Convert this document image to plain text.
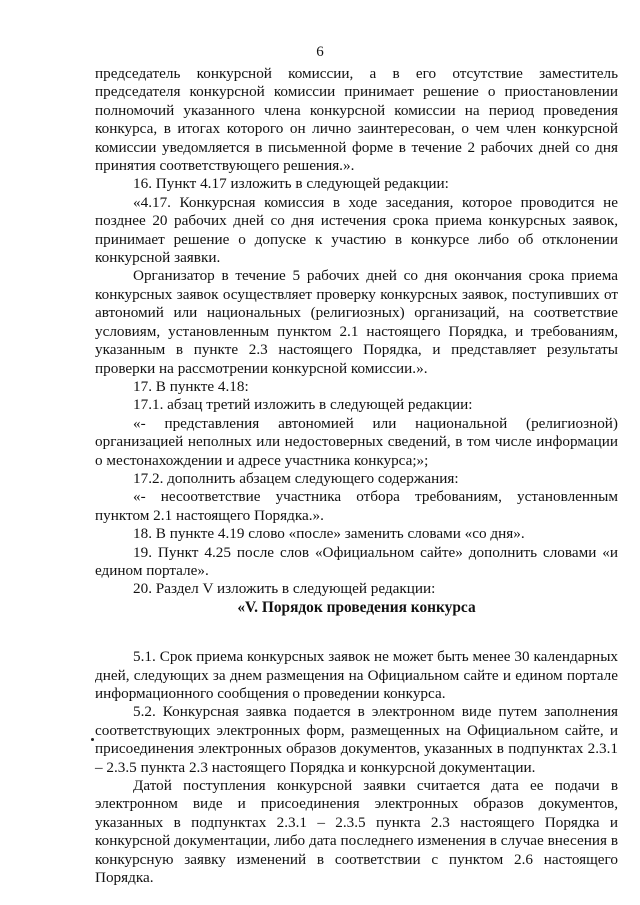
6

председатель конкурсной комиссии, а в его отсутствие заместитель председателя конкурсной комиссии принимает решение о приостановлении полномочий указанного члена конкурсной комиссии на период проведения конкурса, в итогах которого он лично заинтересован, о чем член конкурсной комиссии уведомляется в письменной форме в течение 2 рабочих дней со дня принятия соответствующего решения.».

16. Пункт 4.17 изложить в следующей редакции:

«4.17. Конкурсная комиссия в ходе заседания, которое проводится не позднее 20 рабочих дней со дня истечения срока приема конкурсных заявок, принимает решение о допуске к участию в конкурсе либо об отклонении конкурсной заявки.

Организатор в течение 5 рабочих дней со дня окончания срока приема конкурсных заявок осуществляет проверку конкурсных заявок, поступивших от автономий или национальных (религиозных) организаций, на соответствие условиям, установленным пунктом 2.1 настоящего Порядка, и требованиям, указанным в пункте 2.3 настоящего Порядка, и представляет результаты проверки на рассмотрении конкурсной комиссии.».

17. В пункте 4.18:

17.1. абзац третий изложить в следующей редакции:

«- представления автономией или национальной (религиозной) организацией неполных или недостоверных сведений, в том числе информации о местонахождении и адресе участника конкурса;»;

17.2. дополнить абзацем следующего содержания:

«- несоответствие участника отбора требованиям, установленным пунктом 2.1 настоящего Порядка.».

18. В пункте 4.19 слово «после» заменить словами «со дня».

19. Пункт 4.25 после слов «Официальном сайте» дополнить словами «и едином портале».

20. Раздел V изложить в следующей редакции:

«V. Порядок проведения конкурса

5.1. Срок приема конкурсных заявок не может быть менее 30 календарных дней, следующих за днем размещения на Официальном сайте и едином портале информационного сообщения о проведении конкурса.

5.2. Конкурсная заявка подается в электронном виде путем заполнения соответствующих электронных форм, размещенных на Официальном сайте, и присоединения электронных образов документов, указанных в подпунктах 2.3.1 – 2.3.5 пункта 2.3 настоящего Порядка и конкурсной документации.

Датой поступления конкурсной заявки считается дата ее подачи в электронном виде и присоединения электронных образов документов, указанных в подпунктах 2.3.1 – 2.3.5 пункта 2.3 настоящего Порядка и конкурсной документации, либо дата последнего изменения в случае внесения в конкурсную заявку изменений в соответствии с пунктом 2.6 настоящего Порядка.
